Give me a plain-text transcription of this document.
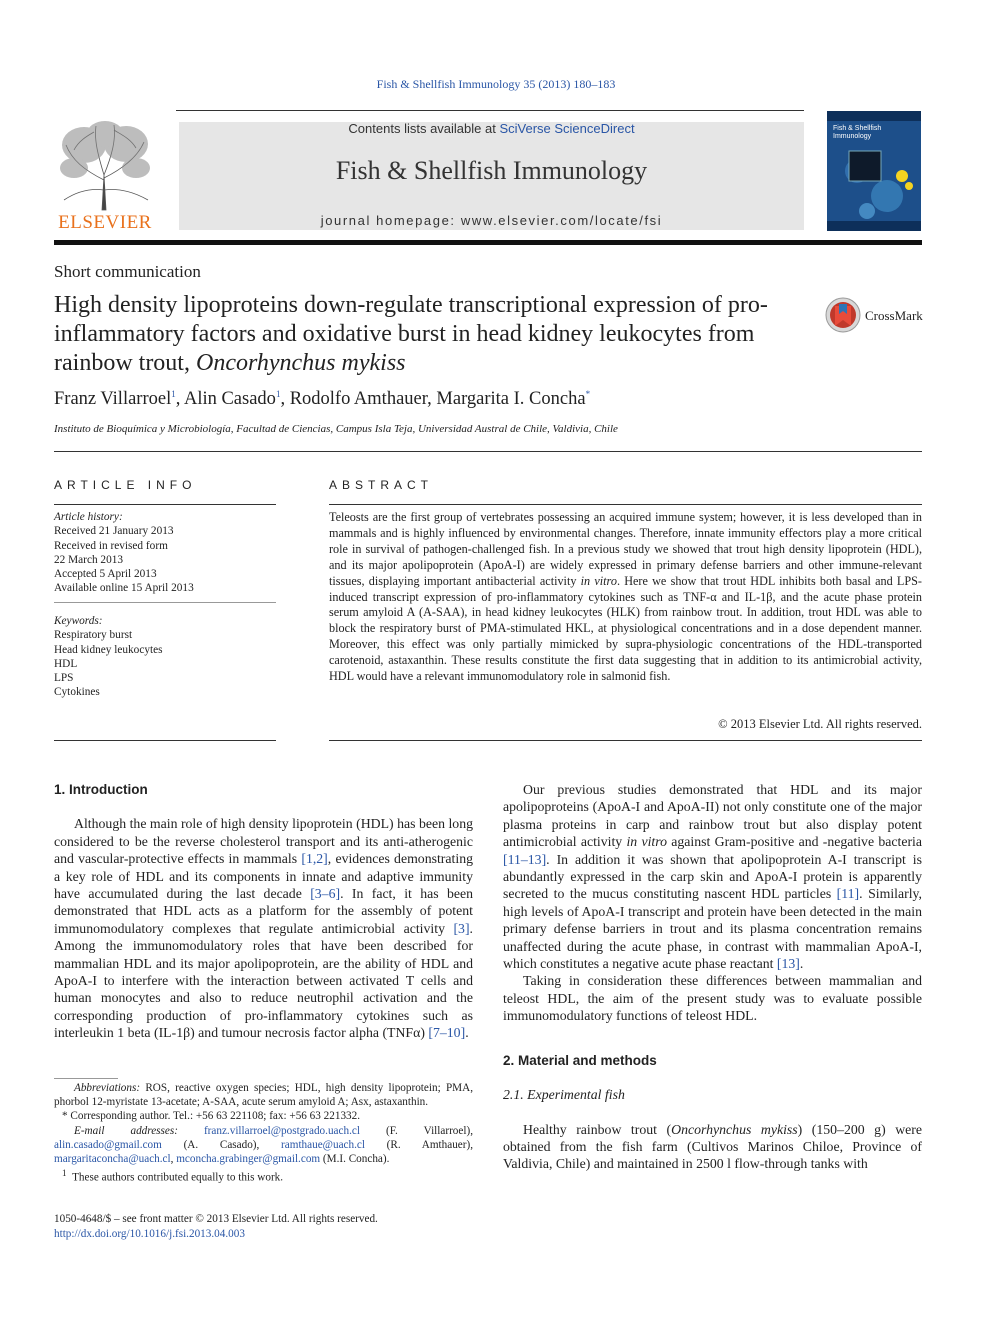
Fish & Shellfish Immunology 35 (2013) 180–183
ELSEVIER
Contents lists available at SciVerse ScienceDirect
Fish & Shellfish Immunology
journal homepage: www.elsevier.com/locate/fsi
Fish & Shellfish Immunology
Short communication
High density lipoproteins down-regulate transcriptional expression of pro-inflammatory factors and oxidative burst in head kidney leukocytes from rainbow trout, Oncorhynchus mykiss
CrossMark
Franz Villarroel$^1$, Alin Casado$^1$, Rodolfo Amthauer, Margarita I. Concha*
Instituto de Bioquímica y Microbiología, Facultad de Ciencias, Campus Isla Teja, Universidad Austral de Chile, Valdivia, Chile
ARTICLE INFO
Article history:
Received 21 January 2013
Received in revised form
22 March 2013
Accepted 5 April 2013
Available online 15 April 2013
Keywords:
Respiratory burst
Head kidney leukocytes
HDL
LPS
Cytokines
ABSTRACT
Teleosts are the first group of vertebrates possessing an acquired immune system; however, it is less developed than in mammals and is highly influenced by environmental changes. Therefore, innate immunity effectors play a more critical role in survival of pathogen-challenged fish. In a previous study we showed that trout high density lipoprotein (HDL), and its major apolipoprotein (ApoA-I) are widely expressed in primary defense barriers and other immune-relevant tissues, displaying important antibacterial activity in vitro. Here we show that trout HDL inhibits both basal and LPS-induced transcript expression of pro-inflammatory cytokines such as TNF-α and IL-1β, and the acute phase protein serum amyloid A (A-SAA), in head kidney leukocytes (HLK) from rainbow trout. In addition, trout HDL was able to block the respiratory burst of PMA-stimulated HKL, at physiological concentrations and in a dose dependent manner. Moreover, this effect was only partially mimicked by supra-physiologic concentrations of the HDL-transported carotenoid, astaxanthin. These results constitute the first data suggesting that in addition to its antimicrobial activity, HDL would have a relevant immunomodulatory role in salmonid fish.
© 2013 Elsevier Ltd. All rights reserved.
1. Introduction

Although the main role of high density lipoprotein (HDL) has been long considered to be the reverse cholesterol transport and its anti-atherogenic and vascular-protective effects in mammals [1,2], evidences demonstrating a key role of HDL and its components in innate and adaptive immunity have accumulated during the last decade [3–6]. In fact, it has been demonstrated that HDL acts as a platform for the assembly of potent immunomodulatory complexes that regulate antimicrobial activity [3]. Among the immunomodulatory roles that have been described for mammalian HDL and its major apolipoprotein, are the ability of HDL and ApoA-I to interfere with the interaction between activated T cells and human monocytes and also to reduce neutrophil activation and the corresponding production of pro-inflammatory cytokines such as interleukin 1 beta (IL-1β) and tumour necrosis factor alpha (TNFα) [7–10].

Abbreviations: ROS, reactive oxygen species; HDL, high density lipoprotein; PMA, phorbol 12-myristate 13-acetate; A-SAA, acute serum amyloid A; Asx, astaxanthin.

* Corresponding author. Tel.: +56 63 221108; fax: +56 63 221332.

E-mail addresses: franz.villarroel@postgrado.uach.cl (F. Villarroel), alin.casado@gmail.com (A. Casado), ramthaue@uach.cl (R. Amthauer), margaritaconcha@uach.cl, mconcha.grabinger@gmail.com (M.I. Concha).

$^1$ These authors contributed equally to this work.

1050-4648/$ – see front matter © 2013 Elsevier Ltd. All rights reserved.
http://dx.doi.org/10.1016/j.fsi.2013.04.003

Our previous studies demonstrated that HDL and its major apolipoproteins (ApoA-I and ApoA-II) not only constitute one of the major plasma proteins in carp and rainbow trout but also display potent antimicrobial activity in vitro against Gram-positive and -negative bacteria [11–13]. In addition it was shown that apolipoprotein A-I transcript is abundantly expressed in the carp skin and ApoA-I protein is apparently secreted to the mucus constituting nascent HDL particles [11]. Similarly, high levels of ApoA-I transcript and protein have been detected in the main primary defense barriers in trout and its plasma concentration remains unaffected during the acute phase, in contrast with mammalian ApoA-I, which constitutes a negative acute phase reactant [13].

Taking in consideration these differences between mammalian and teleost HDL, the aim of the present study was to evaluate possible immunomodulatory functions of teleost HDL.

2. Material and methods
2.1. Experimental fish

Healthy rainbow trout (Oncorhynchus mykiss) (150–200 g) were obtained from the fish farm (Cultivos Marinos Chiloe, Province of Valdivia, Chile) and maintained in 2500 l flow-through tanks with
